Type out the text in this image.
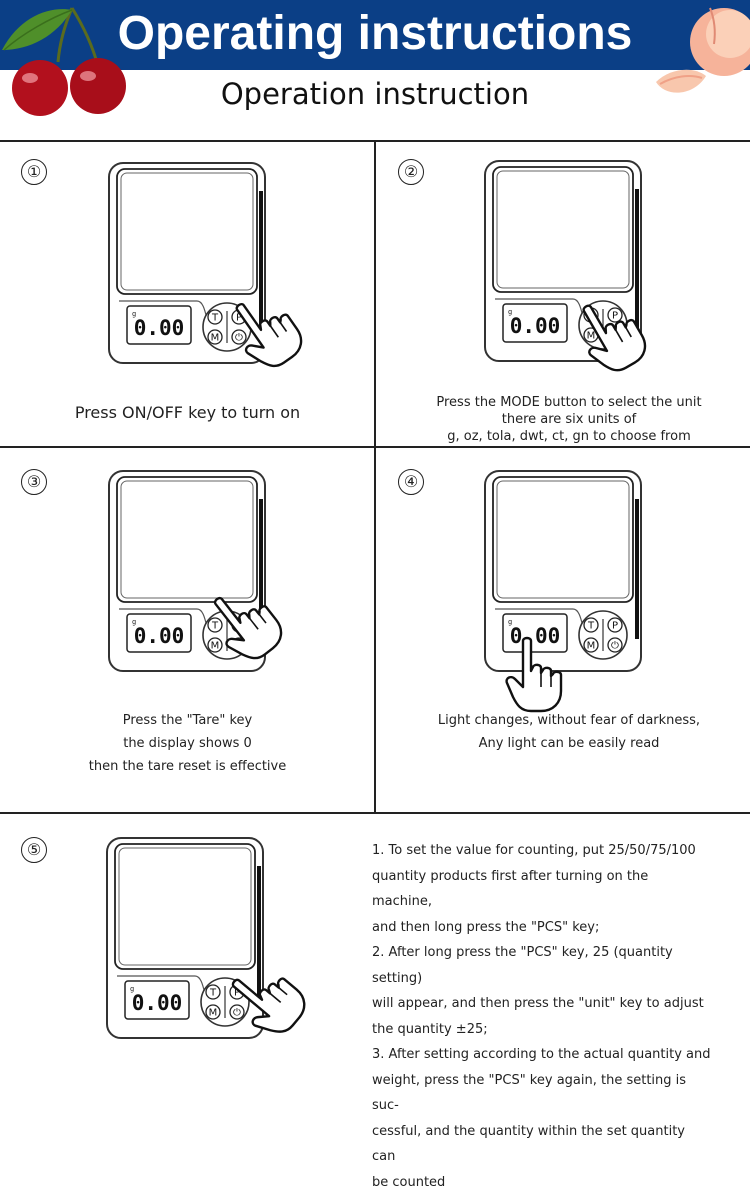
Operating instructions
Operation instruction
①	②
③	④
⑤
g
0.00	T P
M ⏻
g
0.00	P
M
g
0.00	T
M
g
0.00	T P
M ⏻
g
0.00	T P
M ⏻
Press ON/OFF key to turn on
Press the MODE button to select the unit
there are six units of
g, oz, tola, dwt, ct, gn to choose from
Press the "Tare" key
the display shows 0
then the tare reset is effective
Light changes, without fear of darkness,
Any light can be easily read

1. To set the value for counting, put 25/50/75/100

quantity products first after turning on the machine,

and then long press the "PCS" key;

2. After long press the "PCS" key, 25 (quantity setting)

will appear, and then press the "unit" key to adjust

the quantity ±25;

3. After setting according to the actual quantity and

weight, press the "PCS" key again, the setting is suc-

cessful, and the quantity within the set quantity can

be counted
